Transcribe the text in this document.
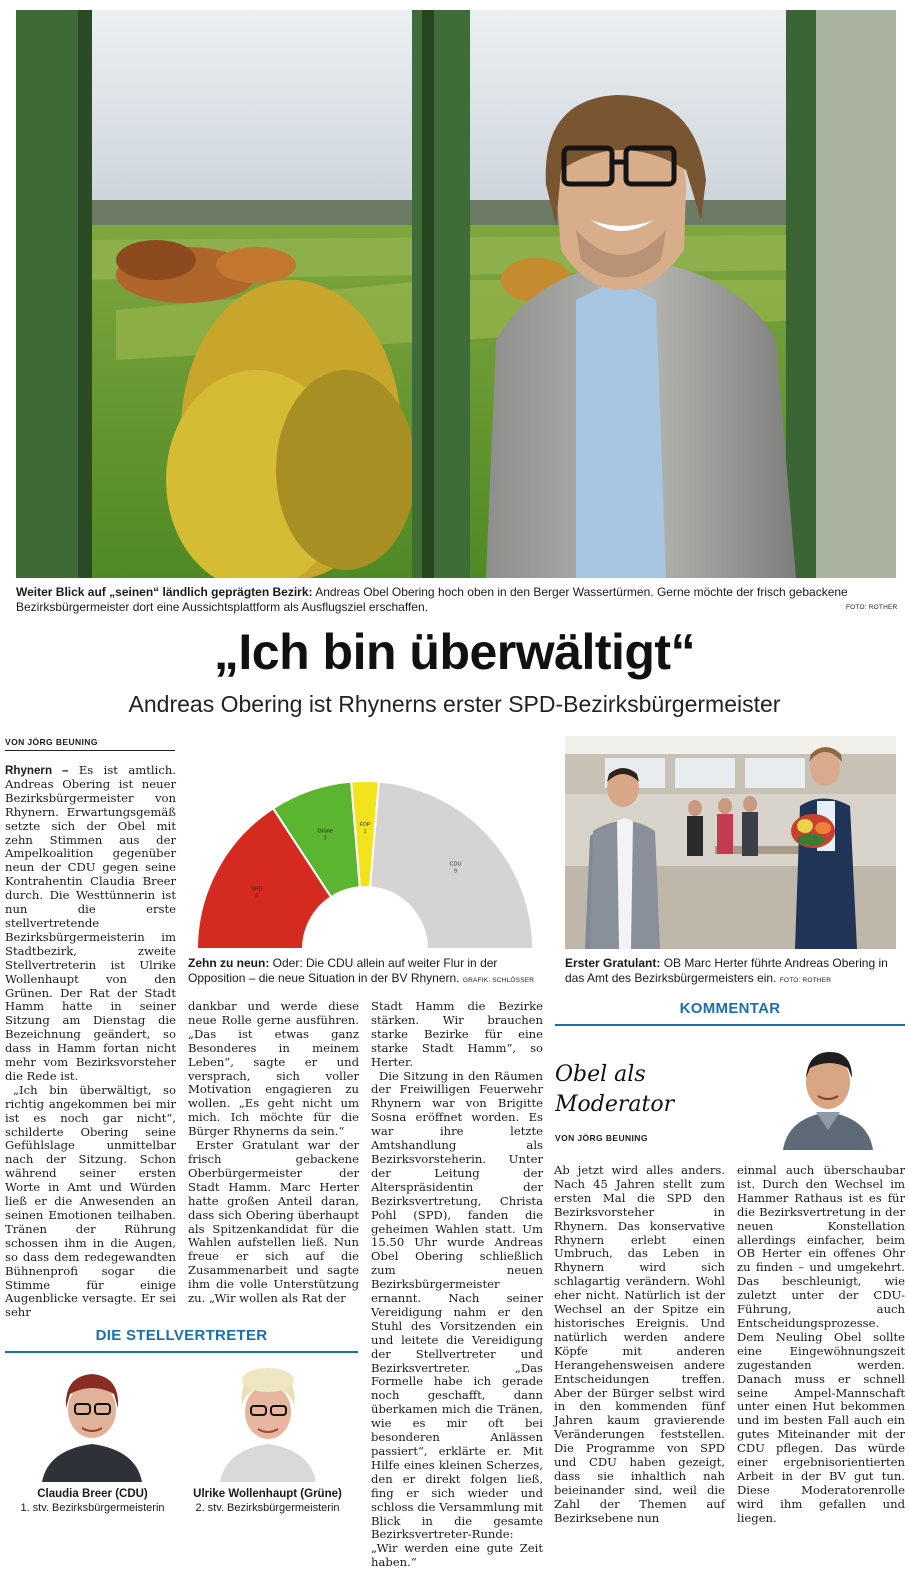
Weiter Blick auf „seinen“ ländlich geprägten Bezirk: Andreas Obel Obering hoch oben in den Berger Wassertürmen. Gerne möchte der frisch gebackene Bezirksbürgermeister dort eine Aussichtsplattform als Ausflugsziel erschaffen.	FOTO: ROTHER
„Ich bin überwältigt“
Andreas Obering ist Rhynerns erster SPD-Bezirksbürgermeister
VON JÖRG BEUNING

Rhynern – Es ist amtlich. Andreas Obering ist neuer Bezirksbürgermeister von Rhynern. Erwartungsgemäß setzte sich der Obel mit zehn Stimmen aus der Ampelkoalition gegenüber neun der CDU gegen seine Kontrahentin Claudia Breer durch. Die Westtünnerin ist nun die erste stellvertretende Bezirksbürgermeisterin im Stadtbezirk, zweite Stellvertreterin ist Ulrike Wollenhaupt von den Grünen. Der Rat der Stadt Hamm hatte in seiner Sitzung am Dienstag die Bezeichnung geändert, so dass in Hamm fortan nicht mehr vom Bezirksvorsteher die Rede ist.

„Ich bin überwältigt, so richtig angekommen bei mir ist es noch gar nicht“, schilderte Obering seine Gefühlslage unmittelbar nach der Sitzung. Schon während seiner ersten Worte in Amt und Würden ließ er die Anwesenden an seinen Emotionen teilhaben. Tränen der Rührung schossen ihm in die Augen, so dass dem redegewandten Bühnenprofi sogar die Stimme für einige Augenblicke versagte. Er sei sehr

SPD
6
Grüne
3
FDP
1
CDU
9
Zehn zu neun: Oder: Die CDU allein auf weiter Flur in der Opposition – die neue Situation in der BV Rhynern. GRAFIK: SCHLÖSSER

dankbar und werde diese neue Rolle gerne ausführen. „Das ist etwas ganz Besonderes in meinem Leben“, sagte er und versprach, sich voller Motivation engagieren zu wollen. „Es geht nicht um mich. Ich möchte für die Bürger Rhynerns da sein.“

Erster Gratulant war der frisch gebackene Oberbürgermeister der Stadt Hamm. Marc Herter hatte großen Anteil daran, dass sich Obering überhaupt als Spitzenkandidat für die Wahlen aufstellen ließ. Nun freue er sich auf die Zusammenarbeit und sagte ihm die volle Unterstützung zu. „Wir wollen als Rat der

Stadt Hamm die Bezirke stärken. Wir brauchen starke Bezirke für eine starke Stadt Hamm“, so Herter.

Die Sitzung in den Räumen der Freiwilligen Feuerwehr Rhynern war von Brigitte Sosna eröffnet worden. Es war ihre letzte Amtshandlung als Bezirksvorsteherin. Unter der Leitung der Alterspräsidentin der Bezirksvertretung, Christa Pohl (SPD), fanden die geheimen Wahlen statt. Um 15.50 Uhr wurde Andreas Obel Obering schließlich zum neuen Bezirksbürgermeister ernannt. Nach seiner Vereidigung nahm er den Stuhl des Vorsitzenden ein und leitete die Vereidigung der Stellvertreter und Bezirksvertreter. „Das Formelle habe ich gerade noch geschafft, dann überkamen mich die Tränen, wie es mir oft bei besonderen Anlässen passiert“, erklärte er. Mit Hilfe eines kleinen Scherzes, den er direkt folgen ließ, fing er sich wieder und schloss die Versammlung mit Blick in die gesamte Bezirksvertreter-Runde: „Wir werden eine gute Zeit haben.“

Erster Gratulant: OB Marc Herter führte Andreas Obering in das Amt des Bezirksbürgermeisters ein. FOTO: ROTHER
KOMMENTAR
Obel als
Moderator
VON JÖRG BEUNING
Ab jetzt wird alles anders. Nach 45 Jahren stellt zum ersten Mal die SPD den Bezirksvorsteher in Rhynern. Das konservative Rhynern erlebt einen Umbruch, das Leben in Rhynern wird sich schlagartig verändern. Wohl eher nicht. Natürlich ist der Wechsel an der Spitze ein historisches Ereignis. Und natürlich werden andere Köpfe mit anderen Herangehensweisen andere Entscheidungen treffen. Aber der Bürger selbst wird in den kommenden fünf Jahren kaum gravierende Veränderungen feststellen. Die Programme von SPD und CDU haben gezeigt, dass sie inhaltlich nah beieinander sind, weil die Zahl der Themen auf Bezirksebene nun
einmal auch überschaubar ist. Durch den Wechsel im Hammer Rathaus ist es für die Bezirksvertretung in der neuen Konstellation allerdings einfacher, beim OB Herter ein offenes Ohr zu finden – und umgekehrt. Das beschleunigt, wie zuletzt unter der CDU-Führung, auch Entscheidungsprozesse. Dem Neuling Obel sollte eine Eingewöhnungszeit zugestanden werden. Danach muss er schnell seine Ampel-Mannschaft unter einen Hut bekommen und im besten Fall auch ein gutes Miteinander mit der CDU pflegen. Das würde einer ergebnisorientierten Arbeit in der BV gut tun. Diese Moderatorenrolle wird ihm gefallen und liegen.
DIE STELLVERTRETER
Claudia Breer (CDU)
1. stv. Bezirksbürgermeisterin
Ulrike Wollenhaupt (Grüne)
2. stv. Bezirksbürgermeisterin
